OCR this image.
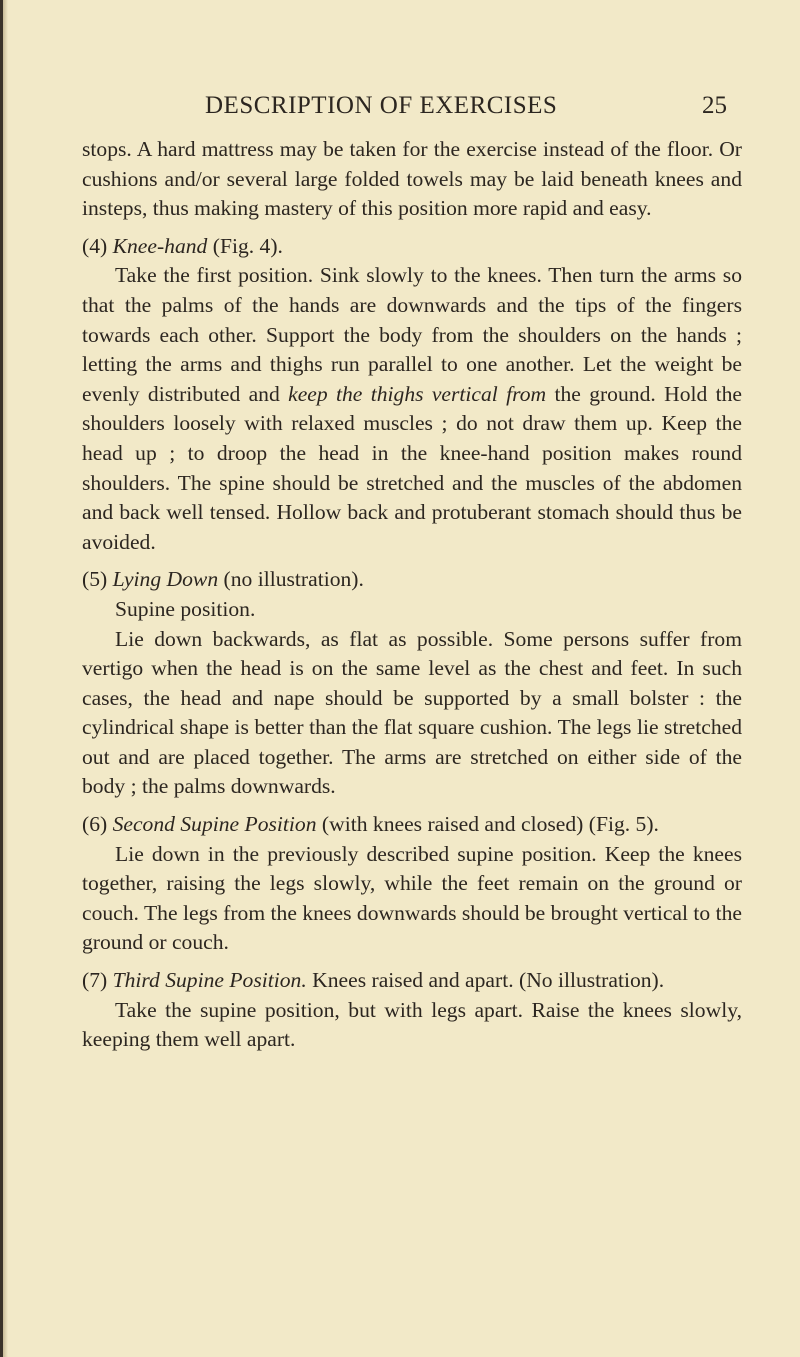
DESCRIPTION OF EXERCISES	25

stops. A hard mattress may be taken for the exercise instead of the floor. Or cushions and/or several large folded towels may be laid beneath knees and insteps, thus making mastery of this position more rapid and easy.

(4) Knee-hand (Fig. 4).

Take the first position. Sink slowly to the knees. Then turn the arms so that the palms of the hands are downwards and the tips of the fingers towards each other. Support the body from the shoulders on the hands ; letting the arms and thighs run parallel to one another. Let the weight be evenly distributed and keep the thighs vertical from the ground. Hold the shoulders loosely with relaxed muscles ; do not draw them up. Keep the head up ; to droop the head in the knee-hand position makes round shoulders. The spine should be stretched and the muscles of the abdomen and back well tensed. Hollow back and protuberant stomach should thus be avoided.

(5) Lying Down (no illustration).

Supine position.

Lie down backwards, as flat as possible. Some persons suffer from vertigo when the head is on the same level as the chest and feet. In such cases, the head and nape should be supported by a small bolster : the cylindrical shape is better than the flat square cushion. The legs lie stretched out and are placed together. The arms are stretched on either side of the body ; the palms downwards.

(6) Second Supine Position (with knees raised and closed) (Fig. 5).

Lie down in the previously described supine position. Keep the knees together, raising the legs slowly, while the feet remain on the ground or couch. The legs from the knees downwards should be brought vertical to the ground or couch.

(7) Third Supine Position. Knees raised and apart. (No illustration).

Take the supine position, but with legs apart. Raise the knees slowly, keeping them well apart.
